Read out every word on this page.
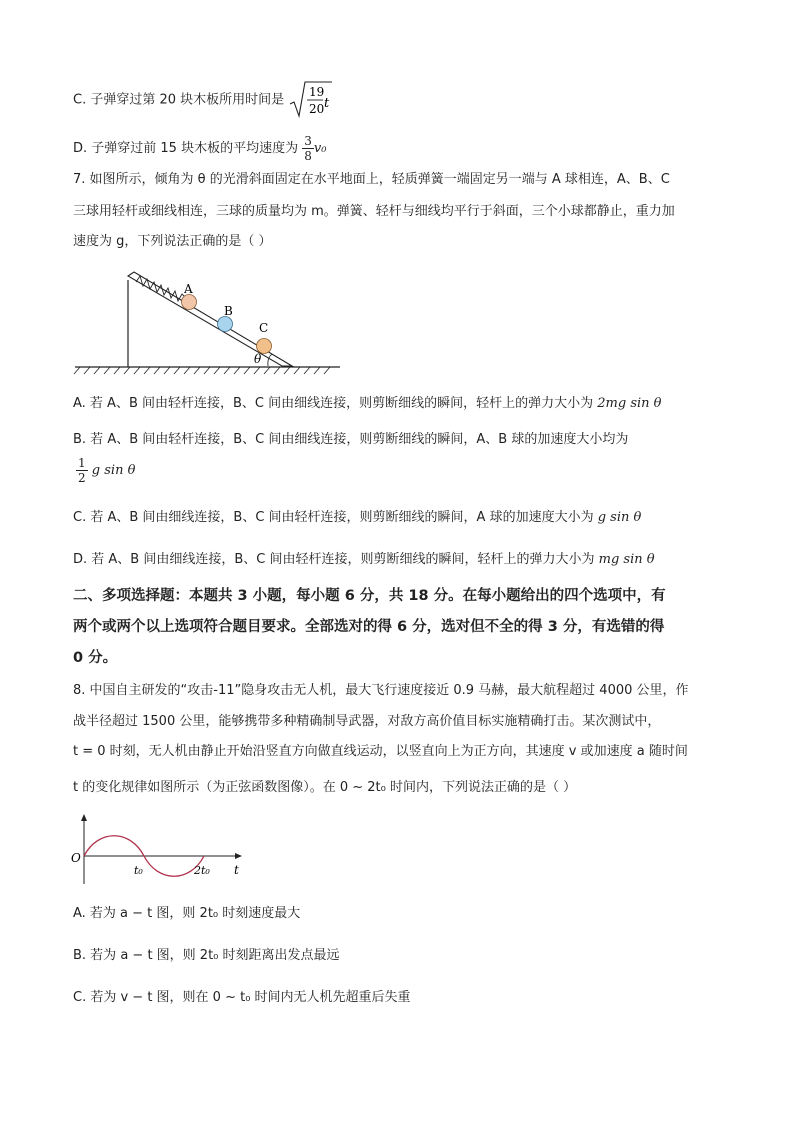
C. 子弹穿过第 20 块木板所用时间是
19
20 t
D. 子弹穿过前 15 块木板的平均速度为 $\frac{3}{8} v_0$
7. 如图所示，倾角为 θ 的光滑斜面固定在水平地面上，轻质弹簧一端固定另一端与 A 球相连，A、B、C
三球用轻杆或细线相连，三球的质量均为 m。弹簧、轻杆与细线均平行于斜面，三个小球都静止，重力加
速度为 g，下列说法正确的是（ ）
A
B
C
θ
A. 若 A、B 间由轻杆连接，B、C 间由细线连接，则剪断细线的瞬间，轻杆上的弹力大小为 2mg sin θ
B. 若 A、B 间由轻杆连接，B、C 间由细线连接，则剪断细线的瞬间，A、B 球的加速度大小均为
$\frac{1}{2}$ g sin θ
C. 若 A、B 间由细线连接，B、C 间由轻杆连接，则剪断细线的瞬间，A 球的加速度大小为 g sin θ
D. 若 A、B 间由细线连接，B、C 间由轻杆连接，则剪断细线的瞬间，轻杆上的弹力大小为 mg sin θ
二、多项选择题：本题共 3 小题，每小题 6 分，共 18 分。在每小题给出的四个选项中，有
两个或两个以上选项符合题目要求。全部选对的得 6 分，选对但不全的得 3 分，有选错的得
0 分。
8. 中国自主研发的“攻击-11”隐身攻击无人机，最大飞行速度接近 0.9 马赫，最大航程超过 4000 公里，作
战半径超过 1500 公里，能够携带多种精确制导武器，对敌方高价值目标实施精确打击。某次测试中，
t = 0 时刻，无人机由静止开始沿竖直方向做直线运动，以竖直向上为正方向，其速度 v 或加速度 a 随时间
t 的变化规律如图所示（为正弦函数图像）。在 0 ~ 2t₀ 时间内，下列说法正确的是（ ）
O
t₀	2t₀ t
A. 若为 a − t 图，则 2t₀ 时刻速度最大
B. 若为 a − t 图，则 2t₀ 时刻距离出发点最远
C. 若为 v − t 图，则在 0 ~ t₀ 时间内无人机先超重后失重
